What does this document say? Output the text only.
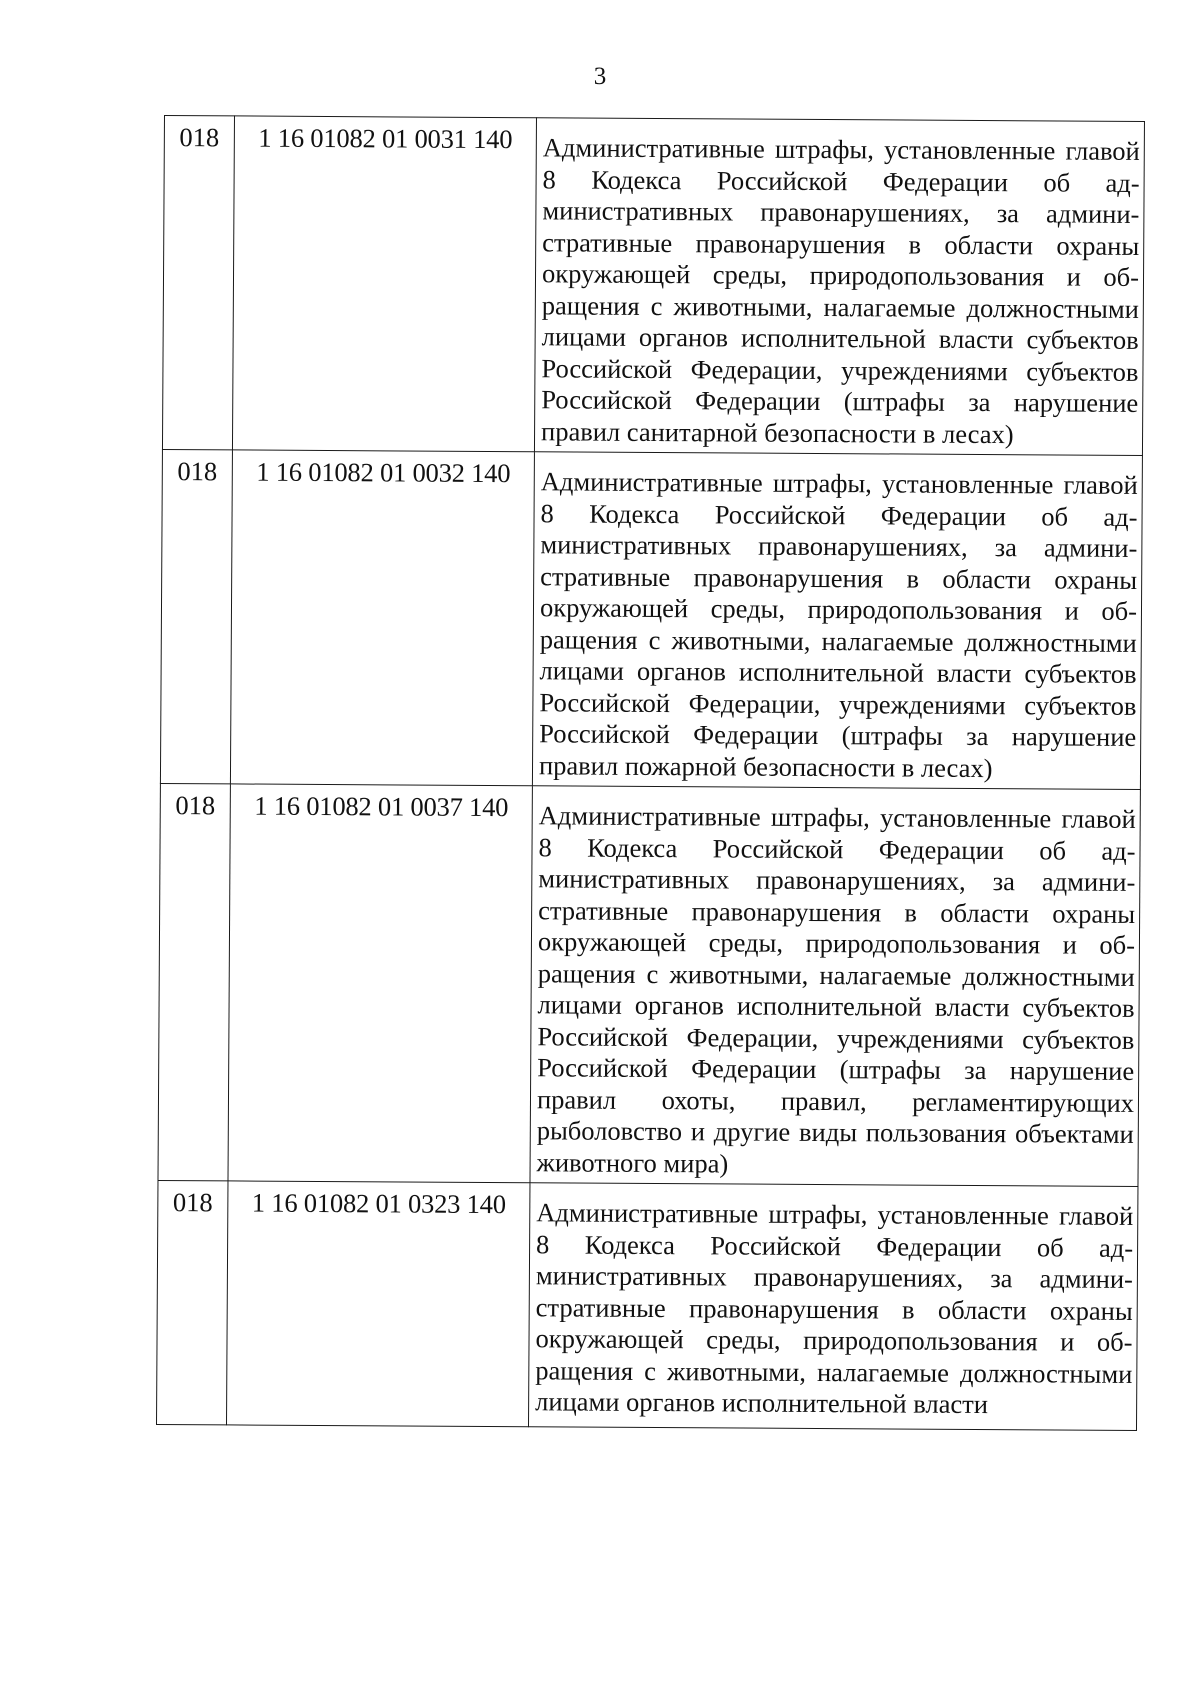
3
018	1 16 01082 01 0031 140	Административные штрафы, установленные главой 8 Кодекса Российской Федерации об административных правонарушениях, за административные правонарушения в области охраны окружающей среды, природопользования и обращения с животными, налагаемые должностными лицами органов исполнительной власти субъектов Российской Федерации, учреждениями субъектов Российской Федерации (штрафы за нарушение правил санитарной безопасности в лесах)
018	1 16 01082 01 0032 140	Административные штрафы, установленные главой 8 Кодекса Российской Федерации об административных правонарушениях, за административные правонарушения в области охраны окружающей среды, природопользования и обращения с животными, налагаемые должностными лицами органов исполнительной власти субъектов Российской Федерации, учреждениями субъектов Российской Федерации (штрафы за нарушение правил пожарной безопасности в лесах)
018	1 16 01082 01 0037 140	Административные штрафы, установленные главой 8 Кодекса Российской Федерации об административных правонарушениях, за административные правонарушения в области охраны окружающей среды, природопользования и обращения с животными, налагаемые должностными лицами органов исполнительной власти субъектов Российской Федерации, учреждениями субъектов Российской Федерации (штрафы за нарушение правил охоты, правил, регламентирующих рыболовство и другие виды пользования объектами животного мира)
018	1 16 01082 01 0323 140	Административные штрафы, установленные главой 8 Кодекса Российской Федерации об административных правонарушениях, за административные правонарушения в области охраны окружающей среды, природопользования и обращения с животными, налагаемые должностными лицами органов исполнительной власти
